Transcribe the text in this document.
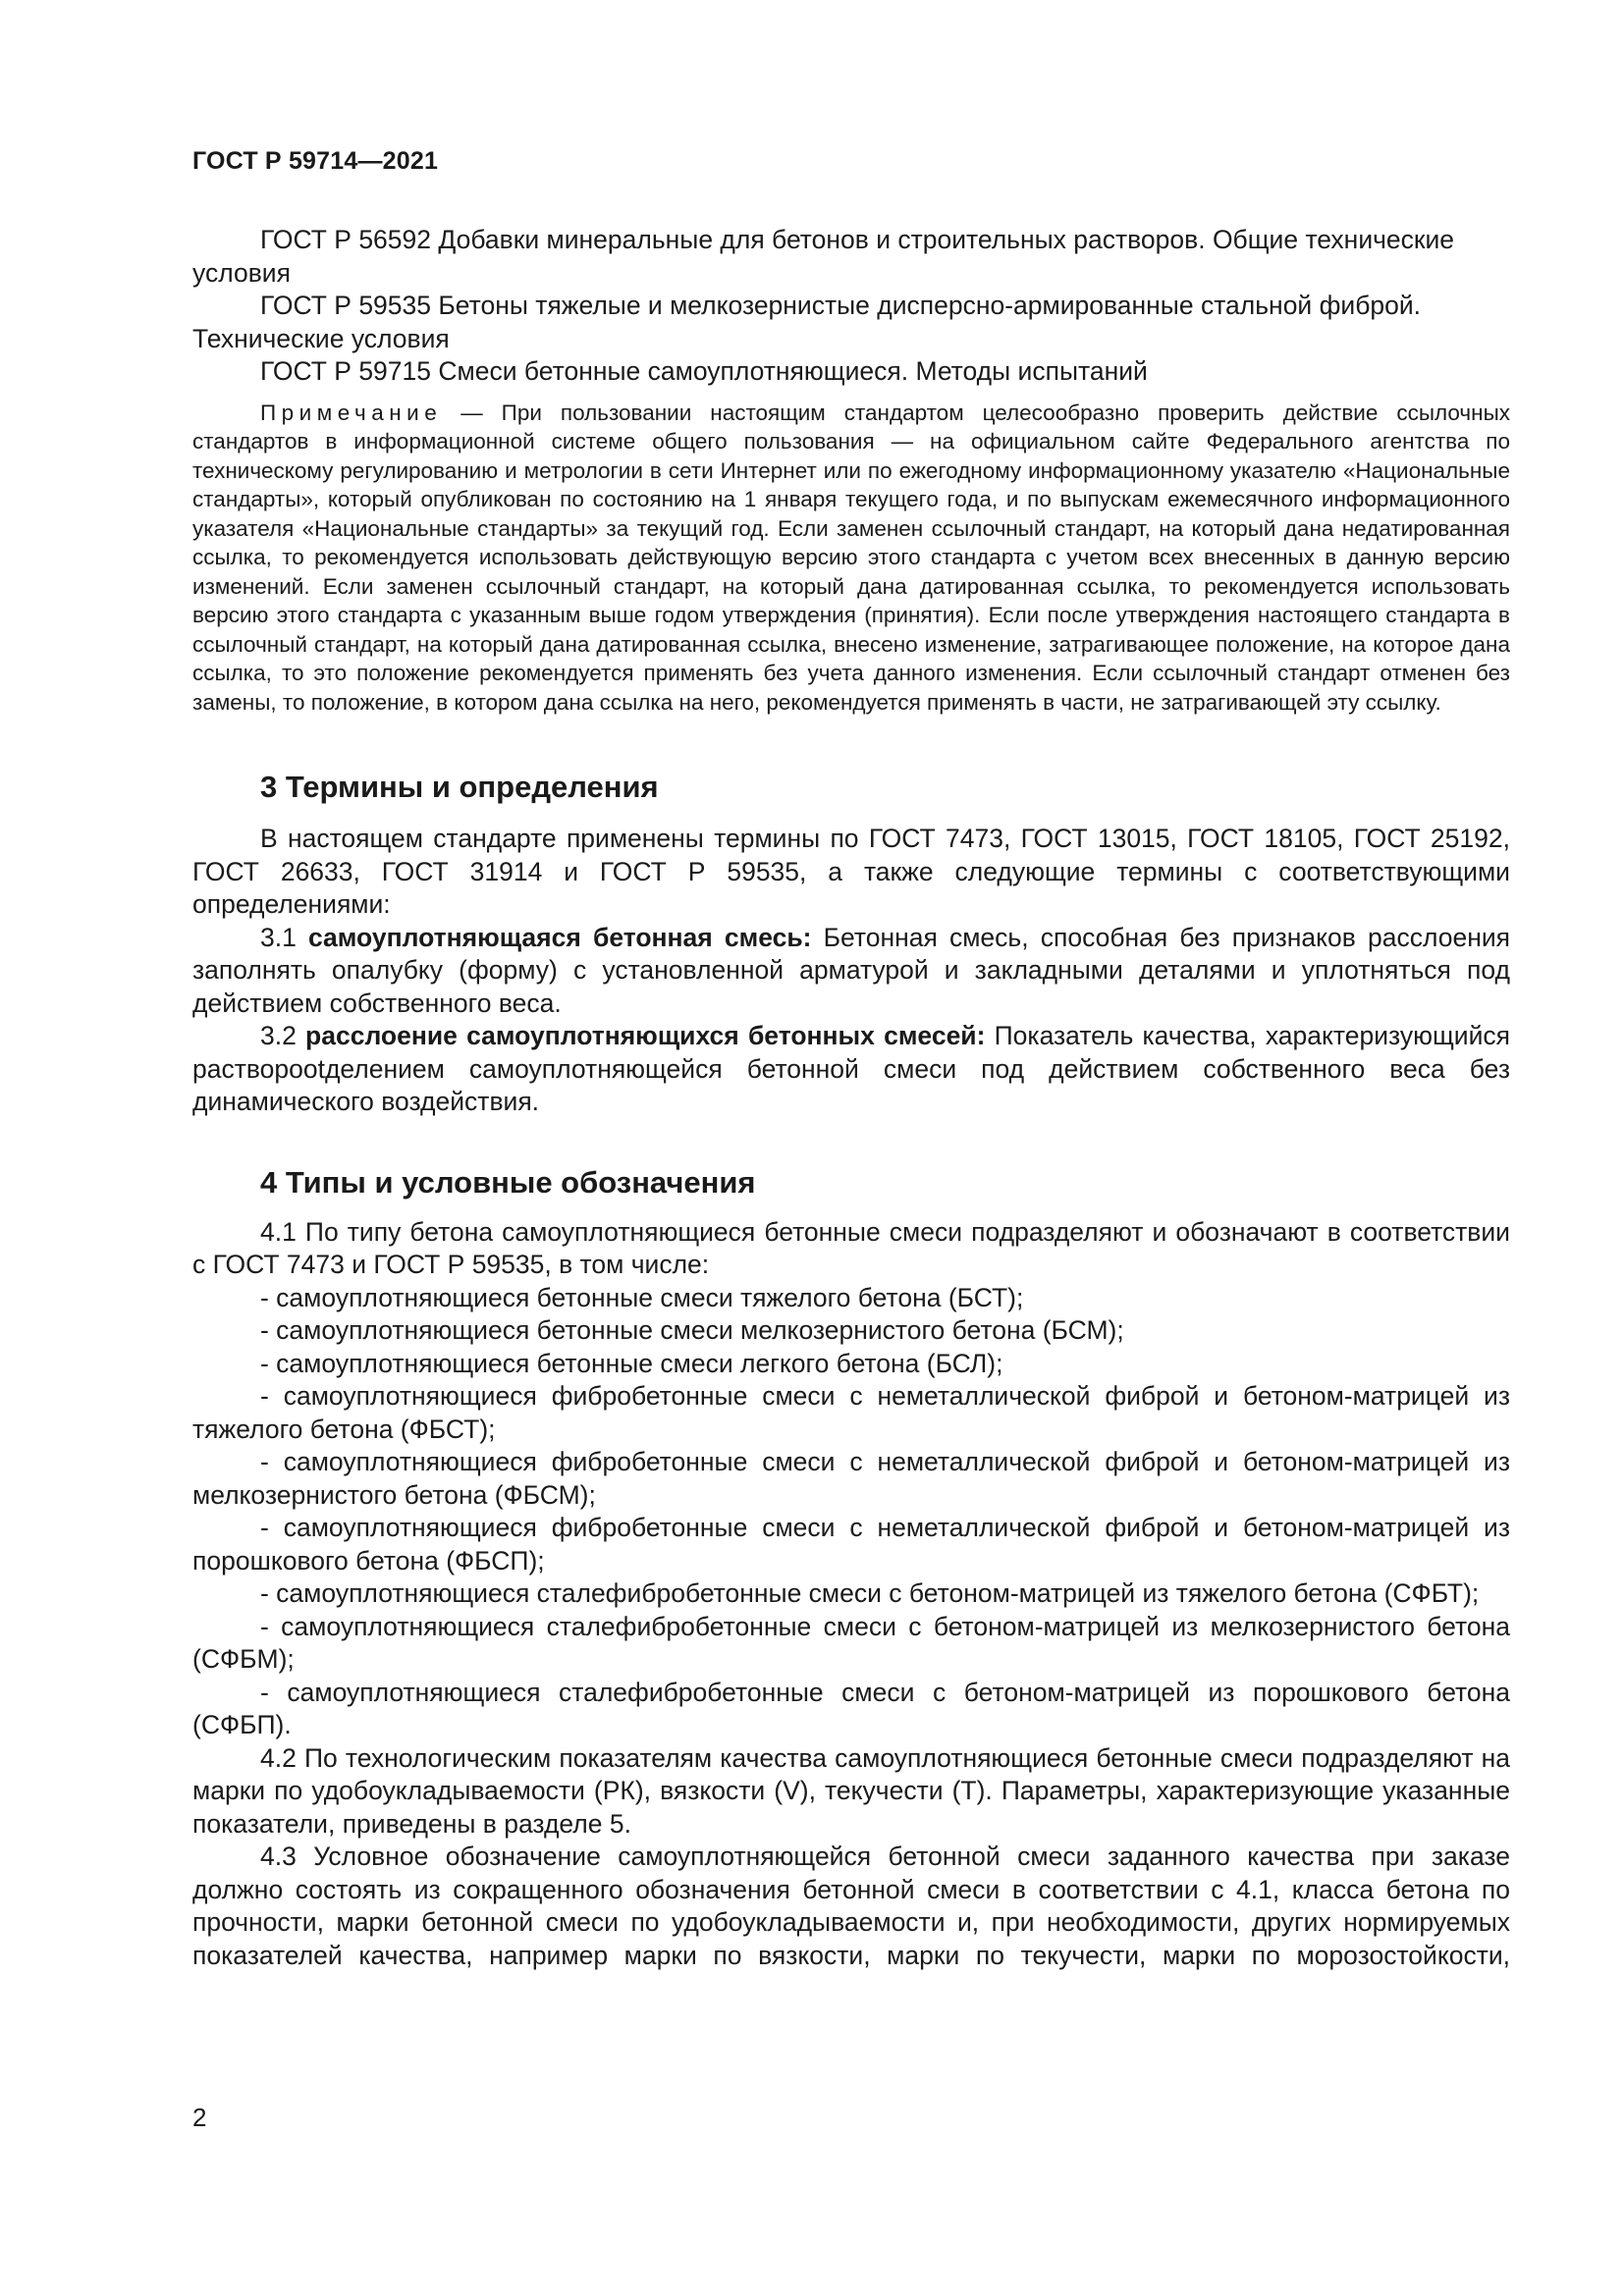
ГОСТ Р 59714—2021

ГОСТ Р 56592 Добавки минеральные для бетонов и строительных растворов. Общие технические условия

ГОСТ Р 59535 Бетоны тяжелые и мелкозернистые дисперсно-армированные стальной фиброй. Технические условия

ГОСТ Р 59715 Смеси бетонные самоуплотняющиеся. Методы испытаний

Примечание — При пользовании настоящим стандартом целесообразно проверить действие ссылочных стандартов в информационной системе общего пользования — на официальном сайте Федерального агентства по техническому регулированию и метрологии в сети Интернет или по ежегодному информационному указателю «Национальные стандарты», который опубликован по состоянию на 1 января текущего года, и по выпускам ежемесячного информационного указателя «Национальные стандарты» за текущий год. Если заменен ссылочный стандарт, на который дана недатированная ссылка, то рекомендуется использовать действующую версию этого стандарта с учетом всех внесенных в данную версию изменений. Если заменен ссылочный стандарт, на который дана датированная ссылка, то рекомендуется использовать версию этого стандарта с указанным выше годом утверждения (принятия). Если после утверждения настоящего стандарта в ссылочный стандарт, на который дана датированная ссылка, внесено изменение, затрагивающее положение, на которое дана ссылка, то это положение рекомендуется применять без учета данного изменения. Если ссылочный стандарт отменен без замены, то положение, в котором дана ссылка на него, рекомендуется применять в части, не затрагивающей эту ссылку.

3 Термины и определения

В настоящем стандарте применены термины по ГОСТ 7473, ГОСТ 13015, ГОСТ 18105, ГОСТ 25192, ГОСТ 26633, ГОСТ 31914 и ГОСТ Р 59535, а также следующие термины с соответствующими определениями:

3.1 самоуплотняющаяся бетонная смесь: Бетонная смесь, способная без признаков расслоения заполнять опалубку (форму) с установленной арматурой и закладными деталями и уплотняться под действием собственного веса.

3.2 расслоение самоуплотняющихся бетонных смесей: Показатель качества, характеризующийся растворootделением самоуплотняющейся бетонной смеси под действием собственного веса без динамического воздействия.

4 Типы и условные обозначения

4.1 По типу бетона самоуплотняющиеся бетонные смеси подразделяют и обозначают в соответствии с ГОСТ 7473 и ГОСТ Р 59535, в том числе:

- самоуплотняющиеся бетонные смеси тяжелого бетона (БСТ);

- самоуплотняющиеся бетонные смеси мелкозернистого бетона (БСМ);

- самоуплотняющиеся бетонные смеси легкого бетона (БСЛ);

- самоуплотняющиеся фибробетонные смеси с неметаллической фиброй и бетоном-матрицей из тяжелого бетона (ФБСТ);

- самоуплотняющиеся фибробетонные смеси с неметаллической фиброй и бетоном-матрицей из мелкозернистого бетона (ФБСМ);

- самоуплотняющиеся фибробетонные смеси с неметаллической фиброй и бетоном-матрицей из порошкового бетона (ФБСП);

- самоуплотняющиеся сталефибробетонные смеси с бетоном-матрицей из тяжелого бетона (СФБТ);

- самоуплотняющиеся сталефибробетонные смеси с бетоном-матрицей из мелкозернистого бетона (СФБМ);

- самоуплотняющиеся сталефибробетонные смеси с бетоном-матрицей из порошкового бетона (СФБП).

4.2 По технологическим показателям качества самоуплотняющиеся бетонные смеси подразделяют на марки по удобоукладываемости (РК), вязкости (V), текучести (Т). Параметры, характеризующие указанные показатели, приведены в разделе 5.

4.3 Условное обозначение самоуплотняющейся бетонной смеси заданного качества при заказе должно состоять из сокращенного обозначения бетонной смеси в соответствии с 4.1, класса бетона по прочности, марки бетонной смеси по удобоукладываемости и, при необходимости, других нормируемых показателей качества, например марки по вязкости, марки по текучести, марки по морозостойкости,

2
